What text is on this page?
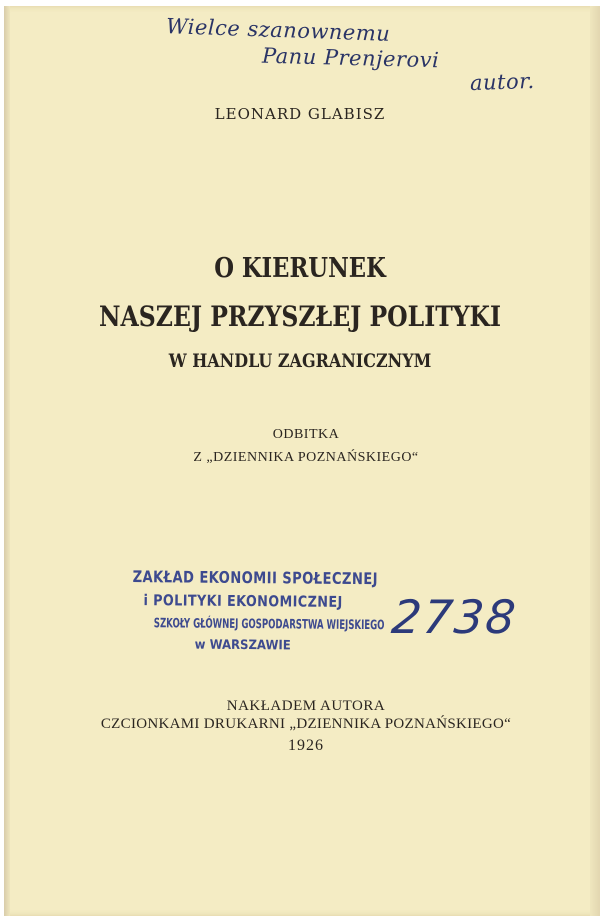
Wielce szanownemu
Panu Prenjerovi
autor.
LEONARD GLABISZ
O KIERUNEK
NASZEJ PRZYSZŁEJ POLITYKI
W HANDLU ZAGRANICZNYM
ODBITKA
Z „DZIENNIKA POZNAŃSKIEGO“
ZAKŁAD EKONOMII SPOŁECZNEJ
i POLITYKI EKONOMICZNEJ
SZKOŁY GŁÓWNEJ GOSPODARSTWA WIEJSKIEGO
w WARSZAWIE
2738
NAKŁADEM AUTORA
CZCIONKAMI DRUKARNI „DZIENNIKA POZNAŃSKIEGO“
1926
